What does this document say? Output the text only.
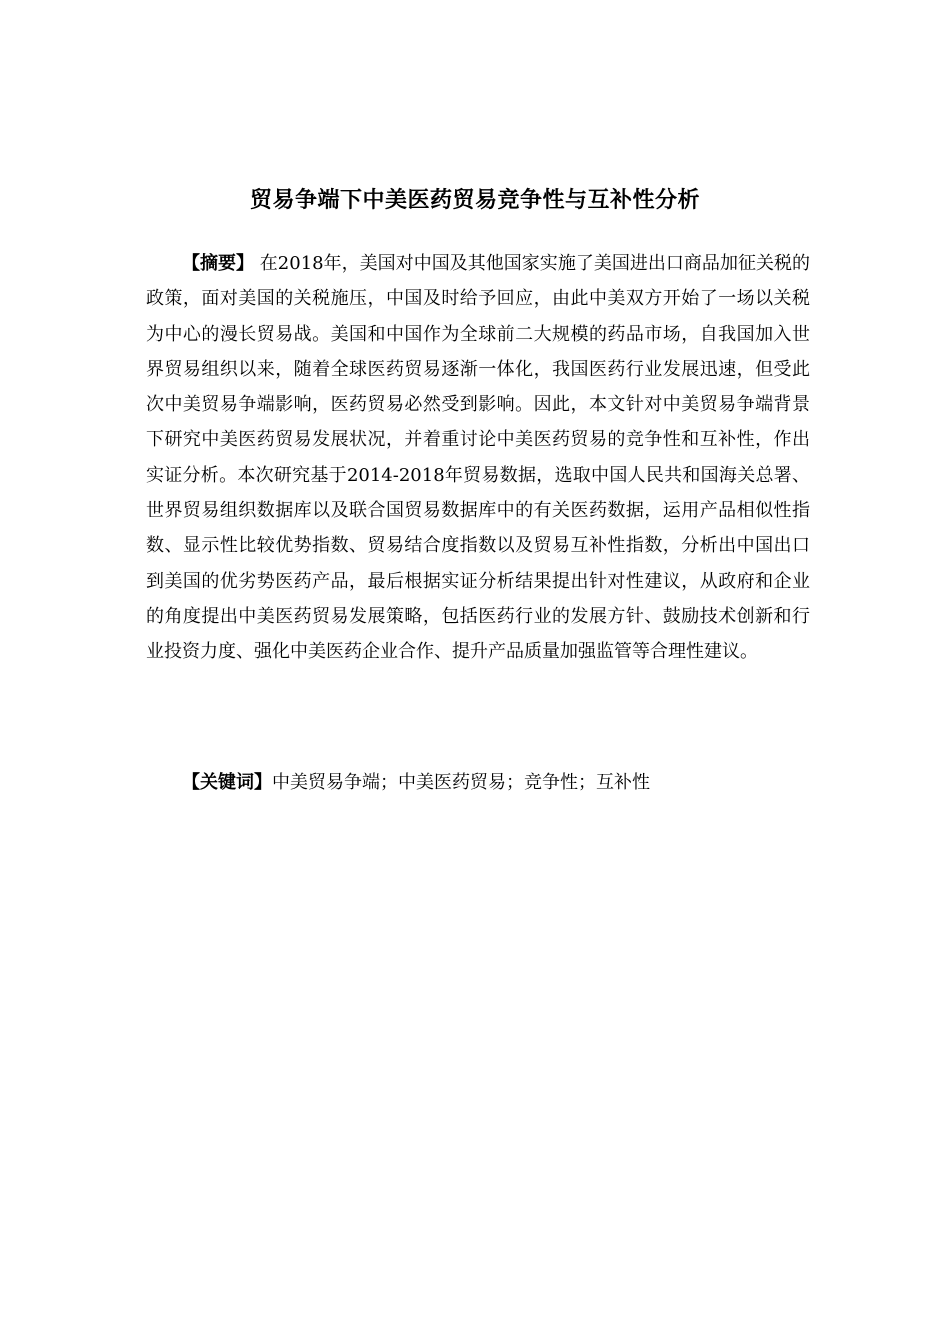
贸易争端下中美医药贸易竞争性与互补性分析
【摘要】 在2018年，美国对中国及其他国家实施了美国进出口商品加征关税的政策，面对美国的关税施压，中国及时给予回应，由此中美双方开始了一场以关税为中心的漫长贸易战。美国和中国作为全球前二大规模的药品市场，自我国加入世界贸易组织以来，随着全球医药贸易逐渐一体化，我国医药行业发展迅速，但受此次中美贸易争端影响，医药贸易必然受到影响。因此，本文针对中美贸易争端背景下研究中美医药贸易发展状况，并着重讨论中美医药贸易的竞争性和互补性，作出实证分析。本次研究基于2014-2018年贸易数据，选取中国人民共和国海关总署、世界贸易组织数据库以及联合国贸易数据库中的有关医药数据，运用产品相似性指数、显示性比较优势指数、贸易结合度指数以及贸易互补性指数，分析出中国出口到美国的优劣势医药产品，最后根据实证分析结果提出针对性建议，从政府和企业的角度提出中美医药贸易发展策略，包括医药行业的发展方针、鼓励技术创新和行业投资力度、强化中美医药企业合作、提升产品质量加强监管等合理性建议。
【关键词】中美贸易争端；中美医药贸易；竞争性；互补性
